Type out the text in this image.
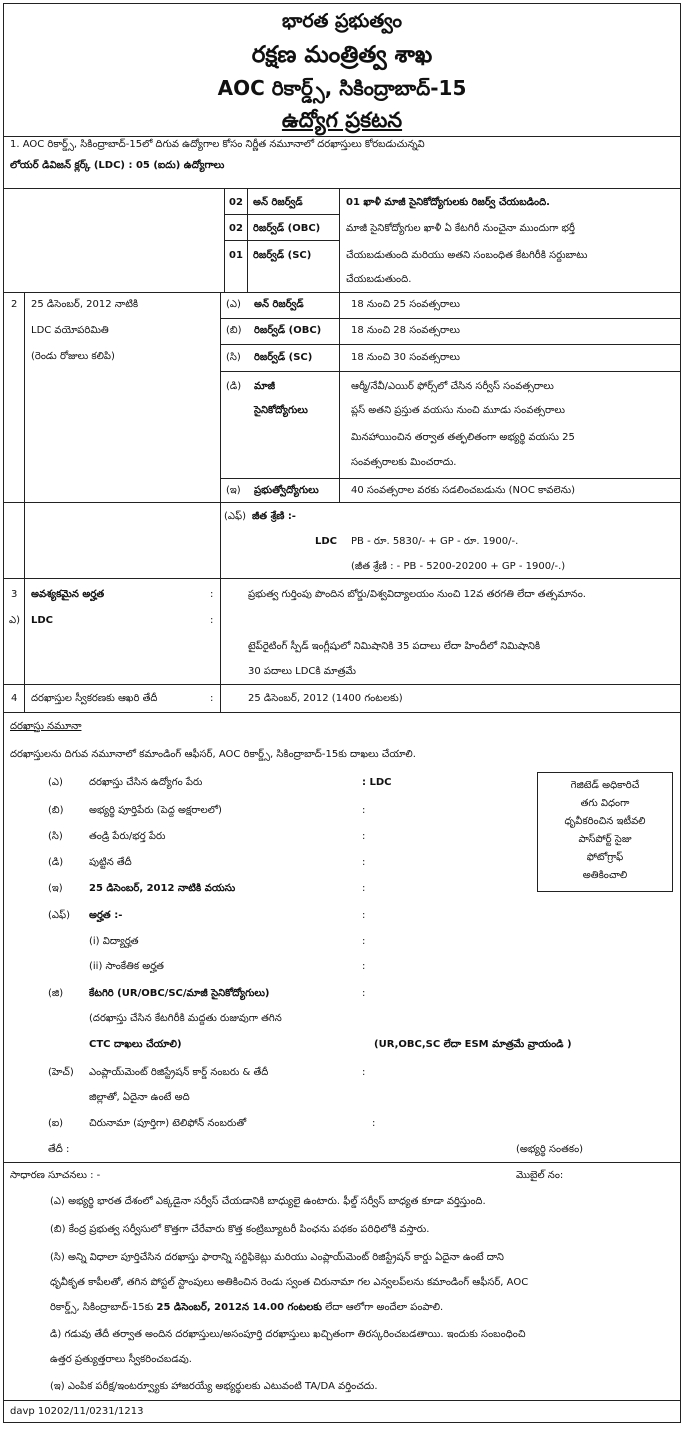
భారత ప్రభుత్వం
రక్షణ మంత్రిత్వ శాఖ
AOC రికార్డ్స్, సికింద్రాబాద్-15
ఉద్యోగ ప్రకటన
1. AOC రికార్డ్స్, సికింద్రాబాద్-15లో దిగువ ఉద్యోగాల కోసం నిర్ణీత నమూనాలో దరఖాస్తులు కోరబడుచున్నవి
లోయర్ డివిజన్ క్లర్క్ (LDC) : 05 (ఐదు) ఉద్యోగాలు
02 అన్ రిజర్వ్‌డ్	01 ఖాళీ మాజీ సైనికోద్యోగులకు రిజర్వ్ చేయబడింది.
02 రిజర్వ్‌డ్ (OBC)	మాజీ సైనికోద్యోగుల ఖాళీ ఏ కేటగిరీ నుంచైనా ముందుగా భర్తీ
01 రిజర్వ్‌డ్ (SC)	చేయబడుతుంది మరియు అతని సంబంధిత కేటగిరీకి సర్దుబాటు
చేయబడుతుంది.
2 25 డిసెంబర్, 2012 నాటికి
LDC వయోపరిమితి
(రెండు రోజులు కలిపి)
(ఎ) అన్ రిజర్వ్‌డ్	18 నుంచి 25 సంవత్సరాలు
(బి) రిజర్వ్‌డ్ (OBC)	18 నుంచి 28 సంవత్సరాలు
(సి) రిజర్వ్‌డ్ (SC)	18 నుంచి 30 సంవత్సరాలు
(డి) మాజీ
సైనికోద్యోగులు
ఆర్మీ/నేవీ/ఎయిర్ ఫోర్స్‌లో చేసిన సర్వీస్ సంవత్సరాలు
ప్లస్ అతని ప్రస్తుత వయసు నుంచి మూడు సంవత్సరాలు
మినహాయించిన తర్వాత తత్ఫలితంగా అభ్యర్థి వయసు 25
సంవత్సరాలకు మించరాదు.
(ఇ) ప్రభుత్వోద్యోగులు	40 సంవత్సరాల వరకు సడలించబడును (NOC కావలెను)
(ఎఫ్) జీత శ్రేణి :-
LDC PB - రూ. 5830/- + GP - రూ. 1900/-.
(జీత శ్రేణి : - PB - 5200-20200 + GP - 1900/-.)
3 అవశ్యకమైన అర్హత	:
ఎ) LDC	:
ప్రభుత్వ గుర్తింపు పొందిన బోర్డు/విశ్వవిద్యాలయం నుంచి 12వ తరగతి లేదా తత్సమానం.
టైప్‌రైటింగ్ స్పీడ్ ఇంగ్లీషులో నిమిషానికి 35 పదాలు లేదా హిందీలో నిమిషానికి
30 పదాలు LDCకి మాత్రమే
4 దరఖాస్తుల స్వీకరణకు ఆఖరి తేదీ	:	25 డిసెంబర్, 2012 (1400 గంటలకు)
దరఖాస్తు నమూనా
దరఖాస్తులను దిగువ నమూనాలో కమాండింగ్ ఆఫీసర్, AOC రికార్డ్స్, సికింద్రాబాద్-15కు దాఖలు చేయాలి.
(ఎ)	దరఖాస్తు చేసిన ఉద్యోగం పేరు	: LDC
(బి)	అభ్యర్థి పూర్తిపేరు (పెద్ద అక్షరాలలో)	:
(సి)	తండ్రి పేరు/భర్త పేరు	:
(డి)	పుట్టిన తేదీ	:
(ఇ)	25 డిసెంబర్, 2012 నాటికి వయసు	:
(ఎఫ్) అర్హత :-	:
(i) విద్యార్హత	:
(ii) సాంకేతిక అర్హత	:
(జి)	కేటగిరి (UR/OBC/SC/మాజీ సైనికోద్యోగులు)	:
(దరఖాస్తు చేసిన కేటగిరీకి మద్దతు రుజువుగా తగిన
CTC దాఖలు చేయాలి)	(UR,OBC,SC లేదా ESM మాత్రమే వ్రాయండి )
(హెచ్) ఎంప్లాయ్‌మెంట్ రిజిస్ట్రేషన్ కార్డ్ నంబరు & తేదీ	:
జిల్లాతో, ఏదైనా ఉంటే అది
(ఐ)	చిరునామా (పూర్తిగా) టెలిఫోన్ నంబరుతో	:
తేదీ :	(అభ్యర్థి సంతకం)
గెజిటెడ్ అధికారిచే
తగు విధంగా
ధృవీకరించిన ఇటీవలి
పాస్‌పోర్ట్ సైజు
ఫోటోగ్రాఫ్
అతికించాలి
సాధారణ సూచనలు : -	మొబైల్ నం:
(ఎ) అభ్యర్థి భారత దేశంలో ఎక్కడైనా సర్వీస్ చేయడానికి బాధ్యులై ఉంటారు. ఫీల్డ్ సర్వీస్ బాధ్యత కూడా వర్తిస్తుంది.
(బి) కేంద్ర ప్రభుత్వ సర్వీసులో కొత్తగా చేరేవారు కొత్త కంట్రిబ్యూటరీ పింఛను పథకం పరిధిలోకి వస్తారు.
(సి) అన్ని విధాలా పూర్తిచేసిన దరఖాస్తు ఫారాన్ని సర్టిఫికెట్లు మరియు ఎంప్లాయ్‌మెంట్ రిజిస్ట్రేషన్ కార్డు ఏదైనా ఉంటే దాని
ధృవీకృత కాపీలతో, తగిన పోస్టల్ స్టాంపులు అతికించిన రెండు స్వంత చిరునామా గల ఎన్వలప్‌లను కమాండింగ్ ఆఫీసర్, AOC
రికార్డ్స్, సికింద్రాబాద్-15కు 25 డిసెంబర్, 2012న 14.00 గంటలకు లేదా ఆలోగా అందేలా పంపాలి.
డి) గడువు తేదీ తర్వాత అందిన దరఖాస్తులు/అసంపూర్తి దరఖాస్తులు ఖచ్చితంగా తిరస్కరించబడతాయి. ఇందుకు సంబంధించి
ఉత్తర ప్రత్యుత్తరాలు స్వీకరించబడవు.
(ఇ) ఎంపిక పరీక్ష/ఇంటర్వ్యూకు హాజరయ్యే అభ్యర్థులకు ఎటువంటి TA/DA వర్తించదు.
davp 10202/11/0231/1213
